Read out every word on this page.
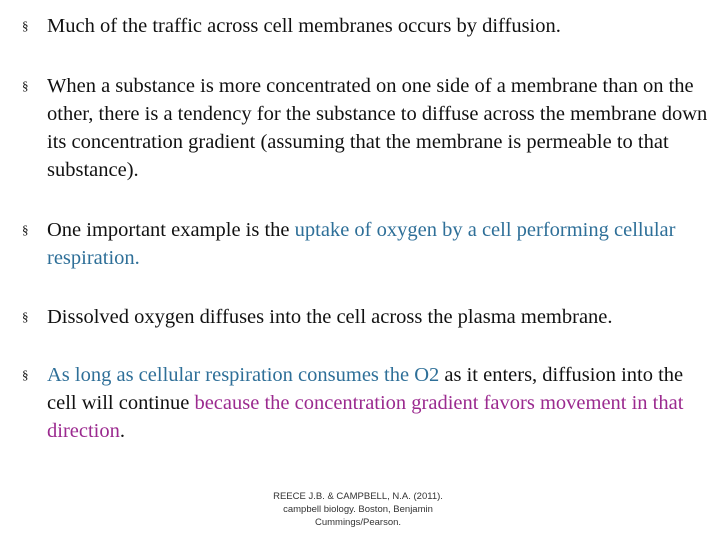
§ Much of the traffic across cell membranes occurs by diffusion.
§ When a substance is more concentrated on one side of a membrane than on the other, there is a tendency for the substance to diffuse across the membrane down its concentration gradient (assuming that the membrane is permeable to that substance).
§ One important example is the uptake of oxygen by a cell performing cellular respiration.
§ Dissolved oxygen diffuses into the cell across the plasma membrane.
§ As long as cellular respiration consumes the O2 as it enters, diffusion into the cell will continue because the concentration gradient favors movement in that direction.
REECE J.B. & CAMPBELL, N.A. (2011).
campbell biology. Boston, Benjamin
Cummings/Pearson.
